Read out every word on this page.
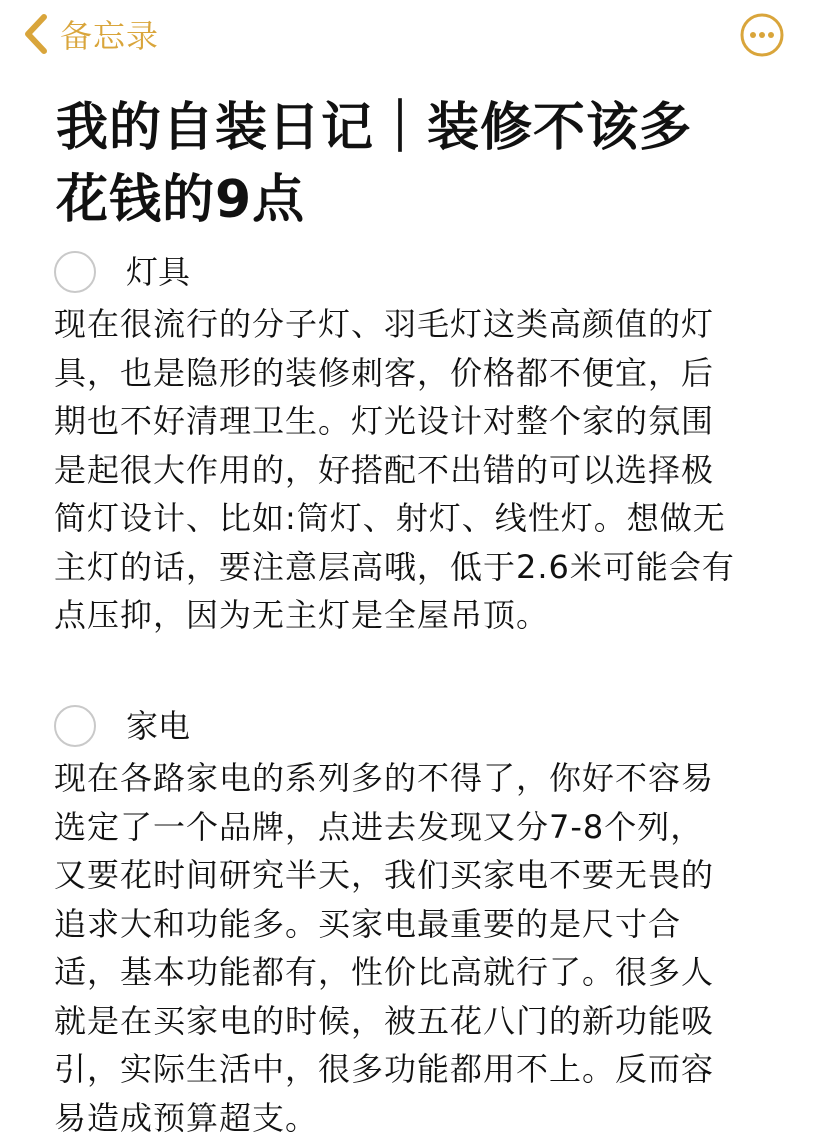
备忘录
我的自装日记｜装修不该多
花钱的9点
灯具

现在很流行的分子灯、羽毛灯这类高颜值的灯
具，也是隐形的装修刺客，价格都不便宜，后
期也不好清理卫生。灯光设计对整个家的氛围
是起很大作用的，好搭配不出错的可以选择极
简灯设计、比如:筒灯、射灯、线性灯。想做无
主灯的话，要注意层高哦，低于2.6米可能会有
点压抑，因为无主灯是全屋吊顶。

家电

现在各路家电的系列多的不得了，你好不容易
选定了一个品牌，点进去发现又分7-8个列，
又要花时间研究半天，我们买家电不要无畏的
追求大和功能多。买家电最重要的是尺寸合
适，基本功能都有，性价比高就行了。很多人
就是在买家电的时候，被五花八门的新功能吸
引，实际生活中，很多功能都用不上。反而容
易造成预算超支。
